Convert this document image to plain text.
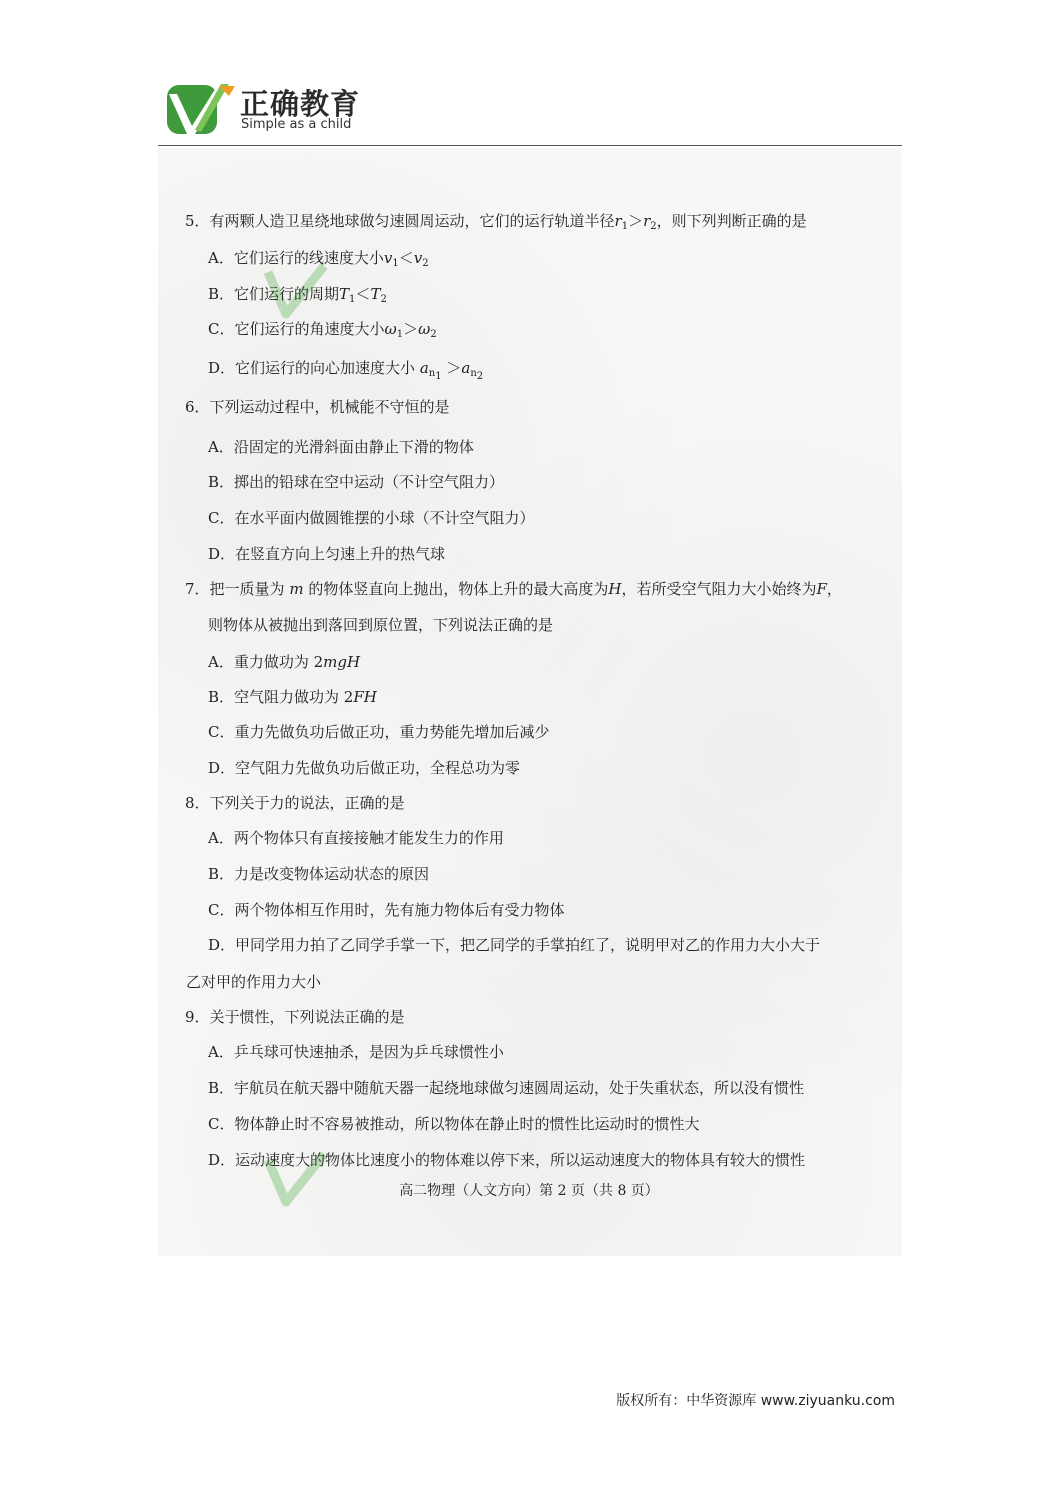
正确教育
Simple as a child
5．有两颗人造卫星绕地球做匀速圆周运动，它们的运行轨道半径$r_1>r_2$，则下列判断正确的是
A．它们运行的线速度大小$v_1<v_2$
B．它们运行的周期$T_1<T_2$
C．它们运行的角速度大小$\omega_1>\omega_2$
D．它们运行的向心加速度大小 $a_{n_1} >a_{n_2}$
6．下列运动过程中，机械能不守恒的是
A．沿固定的光滑斜面由静止下滑的物体
B．掷出的铅球在空中运动（不计空气阻力）
C．在水平面内做圆锥摆的小球（不计空气阻力）
D．在竖直方向上匀速上升的热气球
7．把一质量为 m 的物体竖直向上抛出，物体上升的最大高度为H，若所受空气阻力大小始终为F，
则物体从被抛出到落回到原位置，下列说法正确的是
A．重力做功为 2mgH
B．空气阻力做功为 2FH
C．重力先做负功后做正功，重力势能先增加后减少
D．空气阻力先做负功后做正功，全程总功为零
8．下列关于力的说法，正确的是
A．两个物体只有直接接触才能发生力的作用
B．力是改变物体运动状态的原因
C．两个物体相互作用时，先有施力物体后有受力物体
D．甲同学用力拍了乙同学手掌一下，把乙同学的手掌拍红了，说明甲对乙的作用力大小大于
乙对甲的作用力大小
9．关于惯性，下列说法正确的是
A．乒乓球可快速抽杀，是因为乒乓球惯性小
B．宇航员在航天器中随航天器一起绕地球做匀速圆周运动，处于失重状态，所以没有惯性
C．物体静止时不容易被推动，所以物体在静止时的惯性比运动时的惯性大
D．运动速度大的物体比速度小的物体难以停下来，所以运动速度大的物体具有较大的惯性
高二物理（人文方向）第 2 页（共 8 页）
版权所有：中华资源库 www.ziyuanku.com
